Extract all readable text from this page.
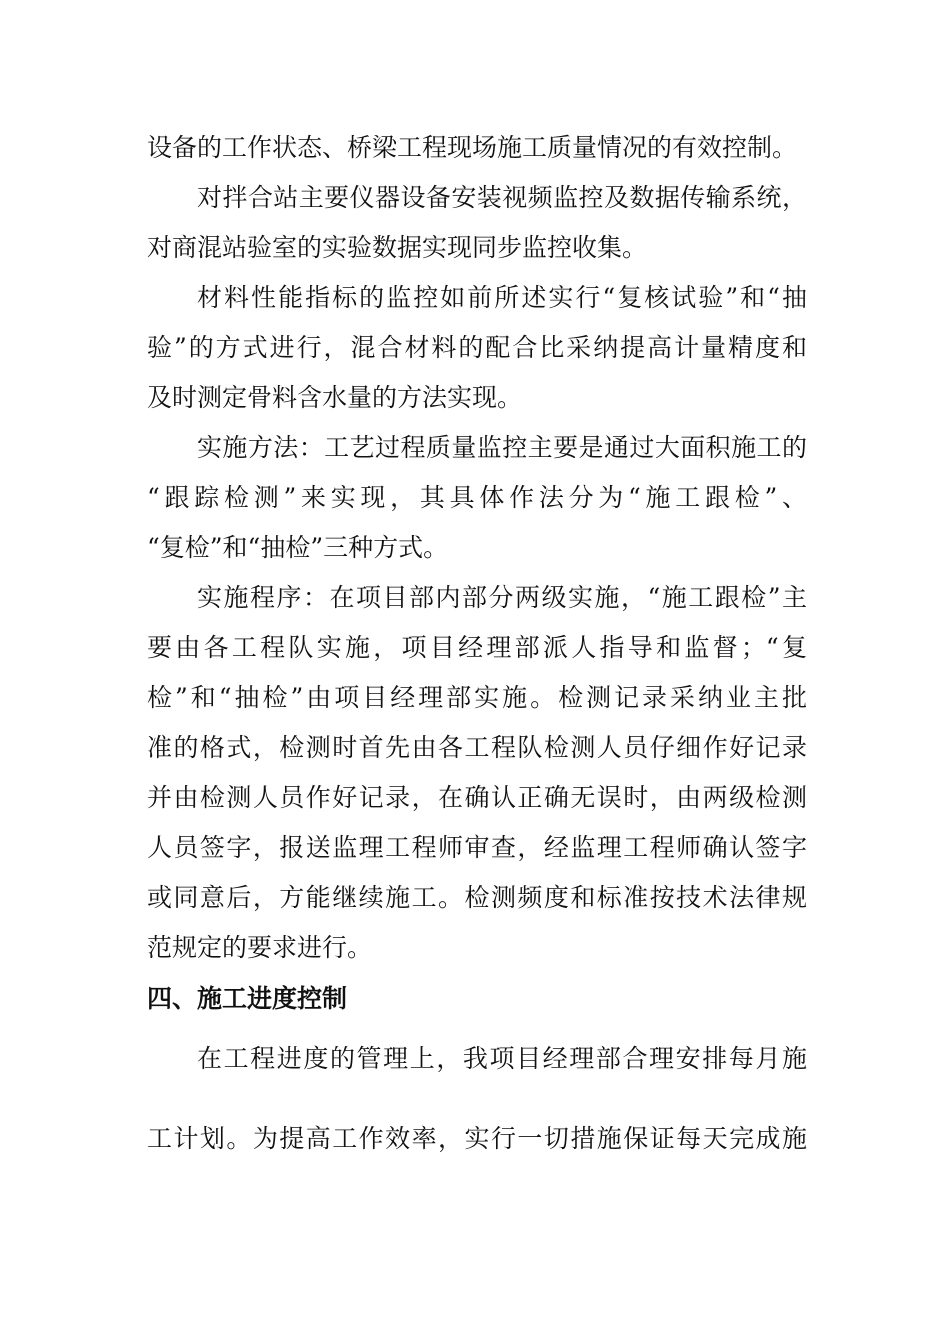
设备的工作状态、桥梁工程现场施工质量情况的有效控制。
对拌合站主要仪器设备安装视频监控及数据传输系统，
对商混站验室的实验数据实现同步监控收集。
材料性能指标的监控如前所述实行“复核试验”和“抽
验”的方式进行，混合材料的配合比采纳提高计量精度和
及时测定骨料含水量的方法实现。
实施方法：工艺过程质量监控主要是通过大面积施工的
“跟踪检测”来实现，其具体作法分为“施工跟检”、
“复检”和“抽检”三种方式。
实施程序：在项目部内部分两级实施，“施工跟检”主
要由各工程队实施，项目经理部派人指导和监督；“复
检”和“抽检”由项目经理部实施。检测记录采纳业主批
准的格式，检测时首先由各工程队检测人员仔细作好记录
并由检测人员作好记录，在确认正确无误时，由两级检测
人员签字，报送监理工程师审查，经监理工程师确认签字
或同意后，方能继续施工。检测频度和标准按技术法律规
范规定的要求进行。
四、施工进度控制
在工程进度的管理上，我项目经理部合理安排每月施
工计划。为提高工作效率，实行一切措施保证每天完成施
